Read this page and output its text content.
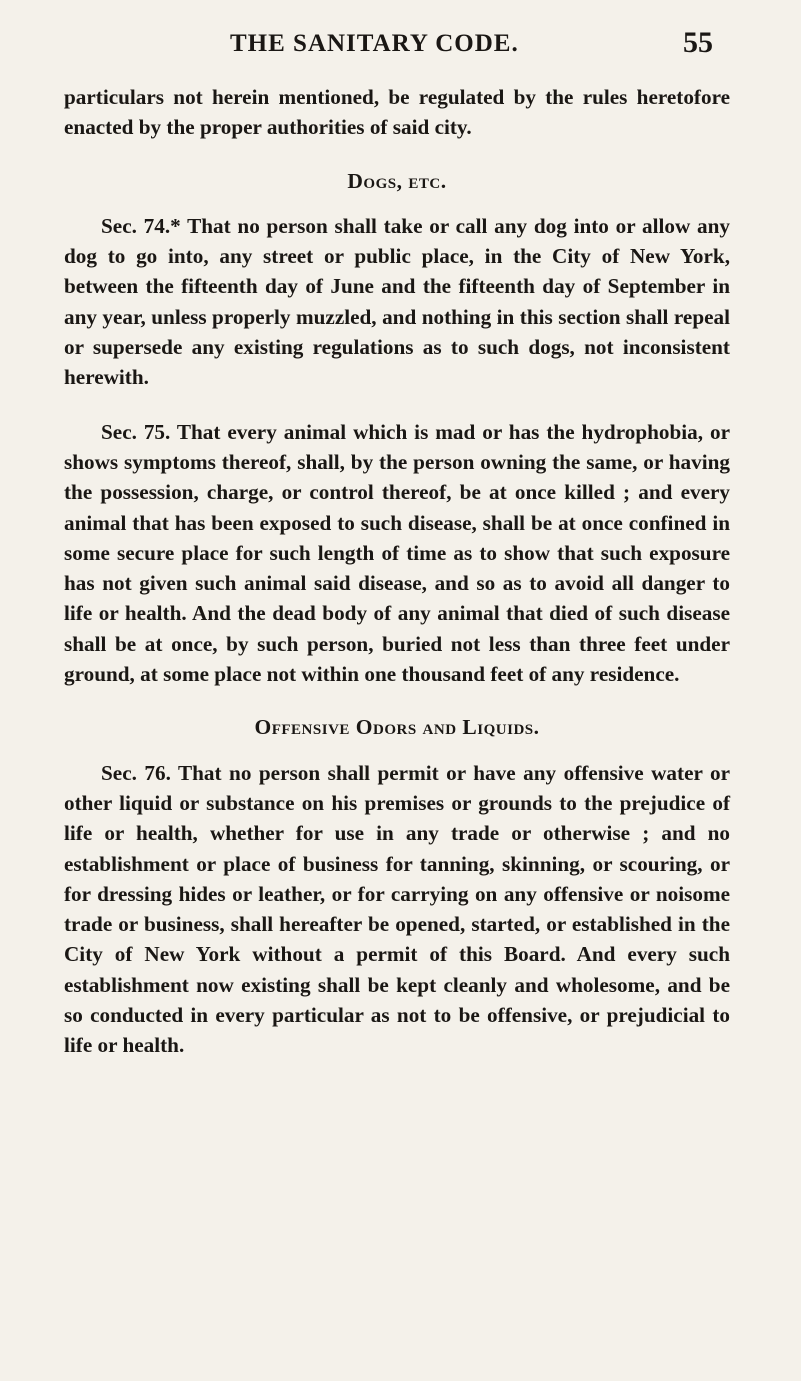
THE SANITARY CODE.	55

particulars not herein mentioned, be regulated by the rules heretofore enacted by the proper authorities of said city.

Dogs, etc.

Sec. 74.* That no person shall take or call any dog into or allow any dog to go into, any street or public place, in the City of New York, between the fifteenth day of June and the fifteenth day of September in any year, unless properly muzzled, and nothing in this section shall repeal or supersede any existing regulations as to such dogs, not inconsistent herewith.

Sec. 75. That every animal which is mad or has the hydrophobia, or shows symptoms thereof, shall, by the person owning the same, or having the possession, charge, or control thereof, be at once killed ; and every animal that has been exposed to such disease, shall be at once confined in some secure place for such length of time as to show that such exposure has not given such animal said disease, and so as to avoid all danger to life or health. And the dead body of any animal that died of such disease shall be at once, by such person, buried not less than three feet under ground, at some place not within one thousand feet of any residence.

Offensive Odors and Liquids.

Sec. 76. That no person shall permit or have any offensive water or other liquid or substance on his premises or grounds to the prejudice of life or health, whether for use in any trade or otherwise ; and no establishment or place of business for tanning, skinning, or scouring, or for dressing hides or leather, or for carrying on any offensive or noisome trade or business, shall hereafter be opened, started, or established in the City of New York without a permit of this Board. And every such establishment now existing shall be kept cleanly and wholesome, and be so conducted in every particular as not to be offensive, or prejudicial to life or health.
